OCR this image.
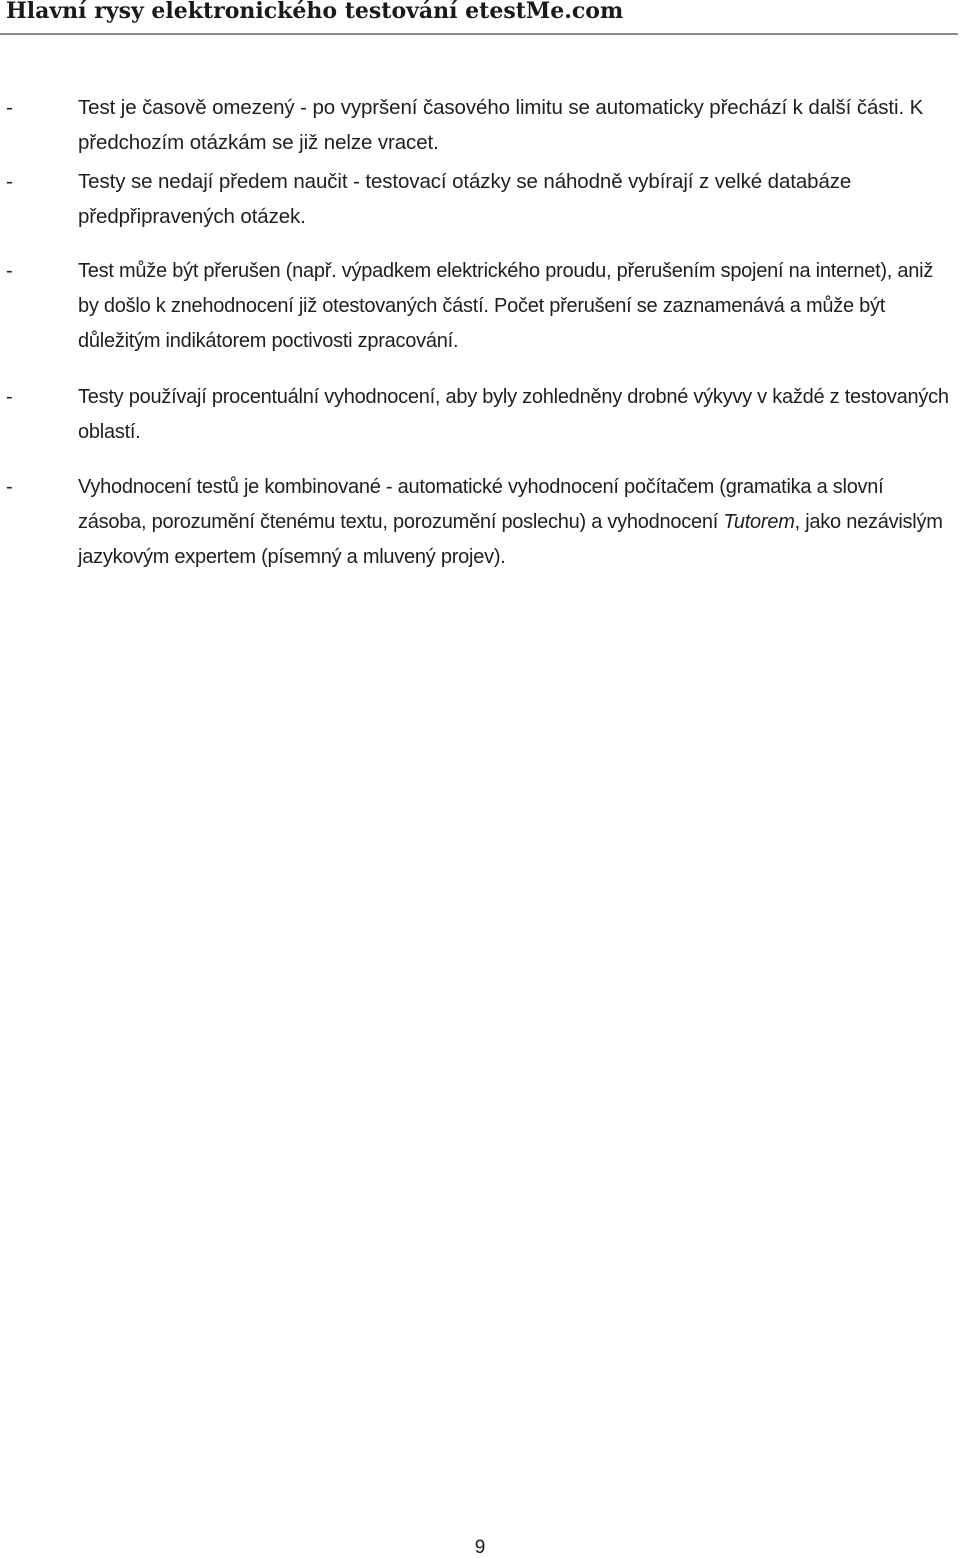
Hlavní rysy elektronického testování etestMe.com
-	Test je časově omezený - po vypršení časového limitu se automaticky přechází k další části. K předchozím otázkám se již nelze vracet.
-	Testy se nedají předem naučit - testovací otázky se náhodně vybírají z velké databáze předpřipravených otázek.
-	Test může být přerušen (např. výpadkem elektrického proudu, přerušením spojení na internet), aniž by došlo k znehodnocení již otestovaných částí. Počet přerušení se zaznamenává a může být důležitým indikátorem poctivosti zpracování.
-	Testy používají procentuální vyhodnocení, aby byly zohledněny drobné výkyvy v každé z testovaných oblastí.
-	Vyhodnocení testů je kombinované - automatické vyhodnocení počítačem (gramatika a slovní zásoba, porozumění čtenému textu, porozumění poslechu) a vyhodnocení Tutorem, jako nezávislým jazykovým expertem (písemný a mluvený projev).
9
